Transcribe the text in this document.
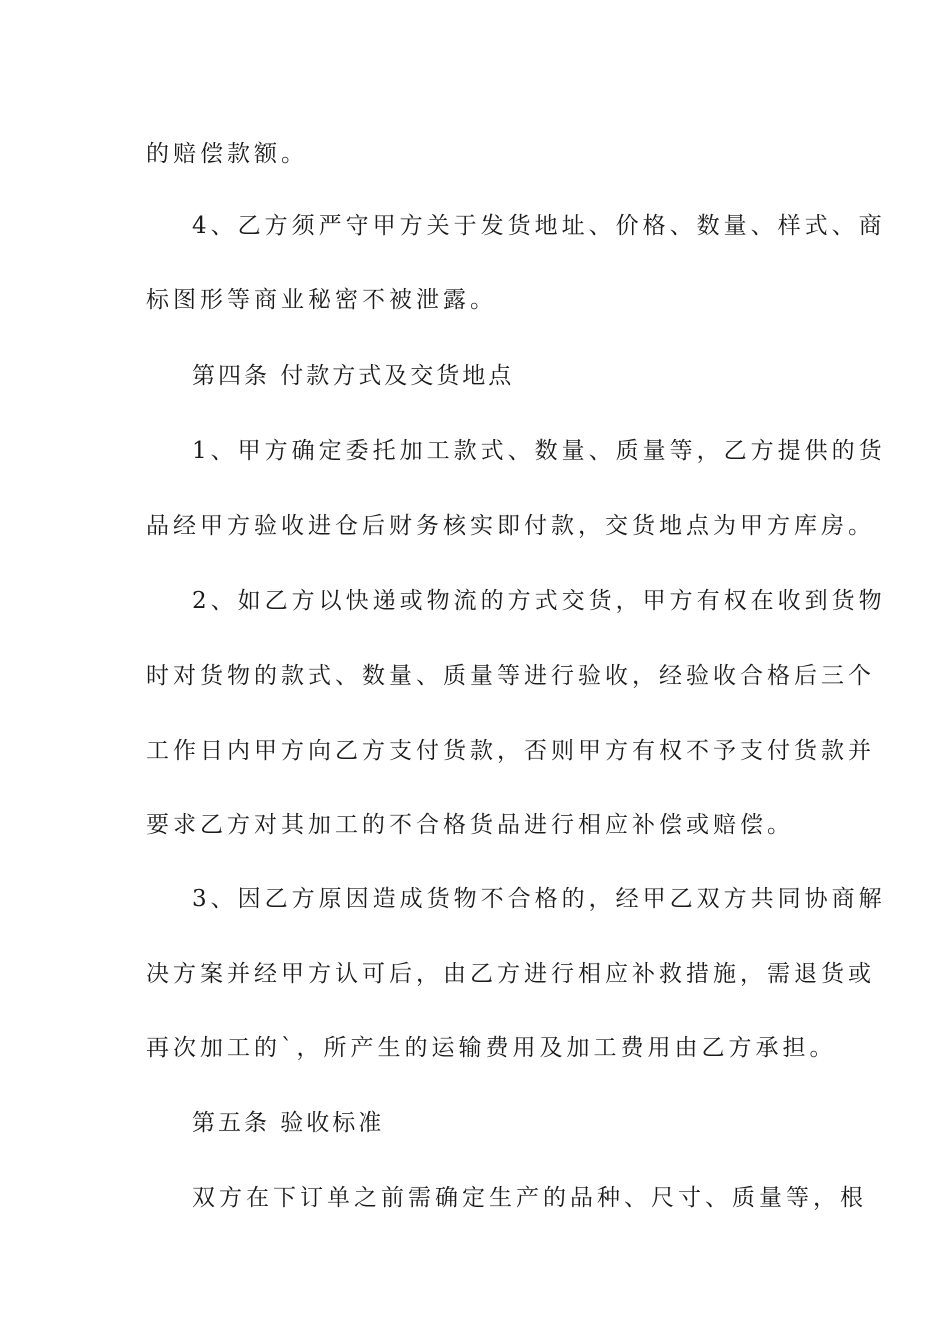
的赔偿款额。

4、乙方须严守甲方关于发货地址、价格、数量、样式、商

标图形等商业秘密不被泄露。

第四条 付款方式及交货地点

1、甲方确定委托加工款式、数量、质量等，乙方提供的货

品经甲方验收进仓后财务核实即付款，交货地点为甲方库房。

2、如乙方以快递或物流的方式交货，甲方有权在收到货物

时对货物的款式、数量、质量等进行验收，经验收合格后三个

工作日内甲方向乙方支付货款，否则甲方有权不予支付货款并

要求乙方对其加工的不合格货品进行相应补偿或赔偿。

3、因乙方原因造成货物不合格的，经甲乙双方共同协商解

决方案并经甲方认可后，由乙方进行相应补救措施，需退货或

再次加工的`，所产生的运输费用及加工费用由乙方承担。

第五条 验收标准

双方在下订单之前需确定生产的品种、尺寸、质量等，根
